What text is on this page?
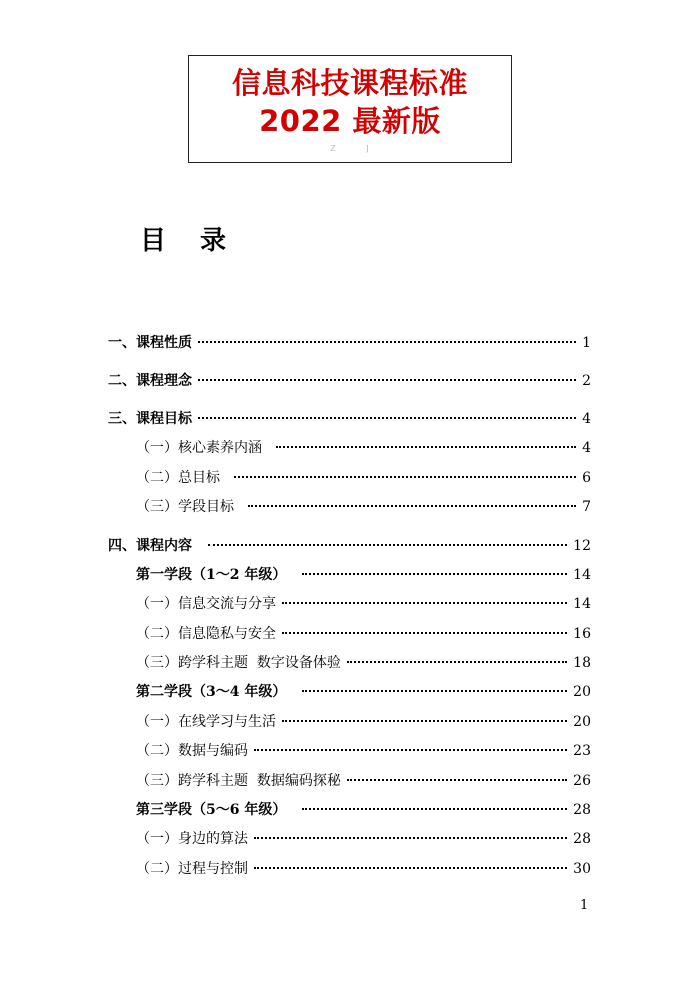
信息科技课程标准
2022 最新版
Z	J
目录
一、课程性质	1
二、课程理念	2
三、课程目标	4
（一）核心素养内涵	4
（二）总目标	6
（三）学段目标	7
四、课程内容	12
第一学段（1～2 年级）	14
（一）信息交流与分享	14
（二）信息隐私与安全	16
（三）跨学科主题  数字设备体验	18
第二学段（3～4 年级）	20
（一）在线学习与生活	20
（二）数据与编码	23
（三）跨学科主题  数据编码探秘	26
第三学段（5～6 年级）	28
（一）身边的算法	28
（二）过程与控制	30
1
